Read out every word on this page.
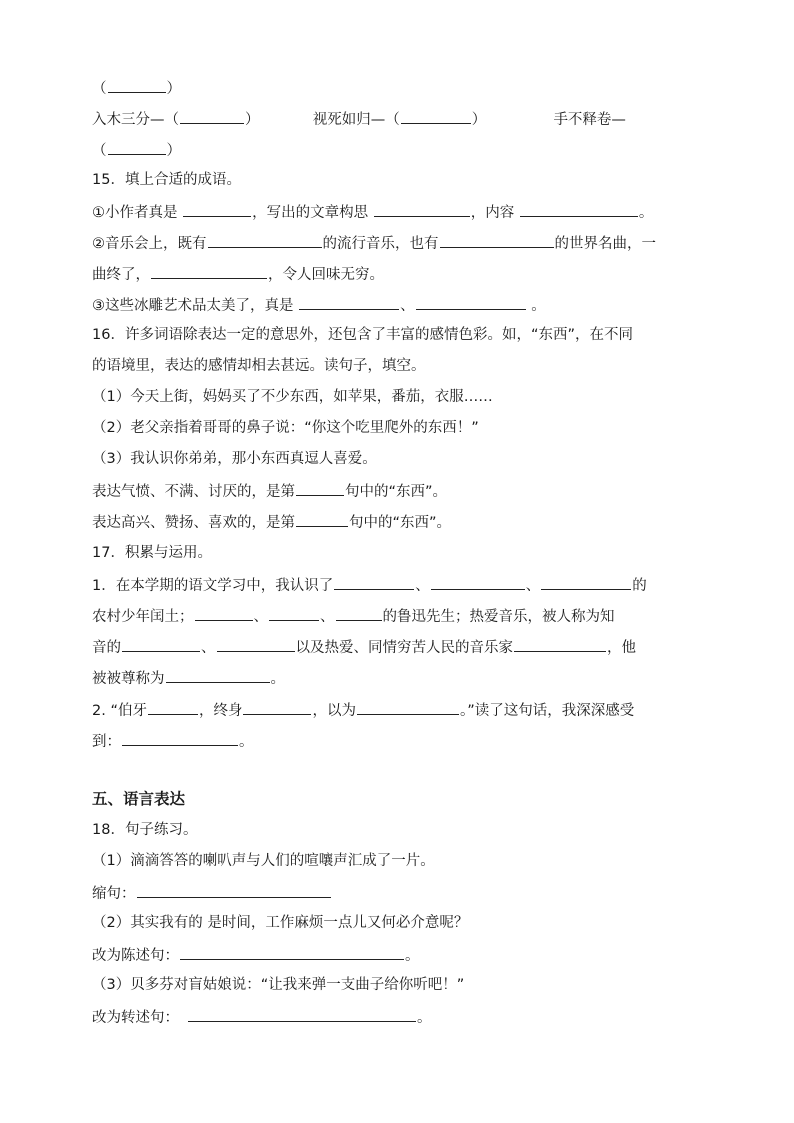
（	）
入木三分—（	）	视死如归—（	）	手不释卷—
（	）
15．填上合适的成语。
①小作者真是	，写出的文章构思	，内容	。
②音乐会上，既有	的流行音乐，也有	的世界名曲，一
曲终了，	，令人回味无穷。
③这些冰雕艺术品太美了，真是	、	。
16．许多词语除表达一定的意思外，还包含了丰富的感情色彩。如，“东西”，在不同
的语境里，表达的感情却相去甚远。读句子，填空。
（1）今天上街，妈妈买了不少东西，如苹果，番茄，衣服……
（2）老父亲指着哥哥的鼻子说：“你这个吃里爬外的东西！”
（3）我认识你弟弟，那小东西真逗人喜爱。
表达气愤、不满、讨厌的，是第	句中的“东西”。
表达高兴、赞扬、喜欢的，是第	句中的“东西”。
17．积累与运用。
1．在本学期的语文学习中，我认识了	、	、	的
农村少年闰土；	、	、	的鲁迅先生；热爱音乐，被人称为知
音的	、	以及热爱、同情穷苦人民的音乐家	，他
被被尊称为	。
2. “伯牙	，终身	，以为	。”读了这句话，我深深感受
到：	。
五、语言表达
18．句子练习。
（1）滴滴答答的喇叭声与人们的喧嚷声汇成了一片。
缩句：
（2）其实我有的 是时间，工作麻烦一点儿又何必介意呢？
改为陈述句：	。
（3）贝多芬对盲姑娘说：“让我来弹一支曲子给你听吧！”
改为转述句：	。
